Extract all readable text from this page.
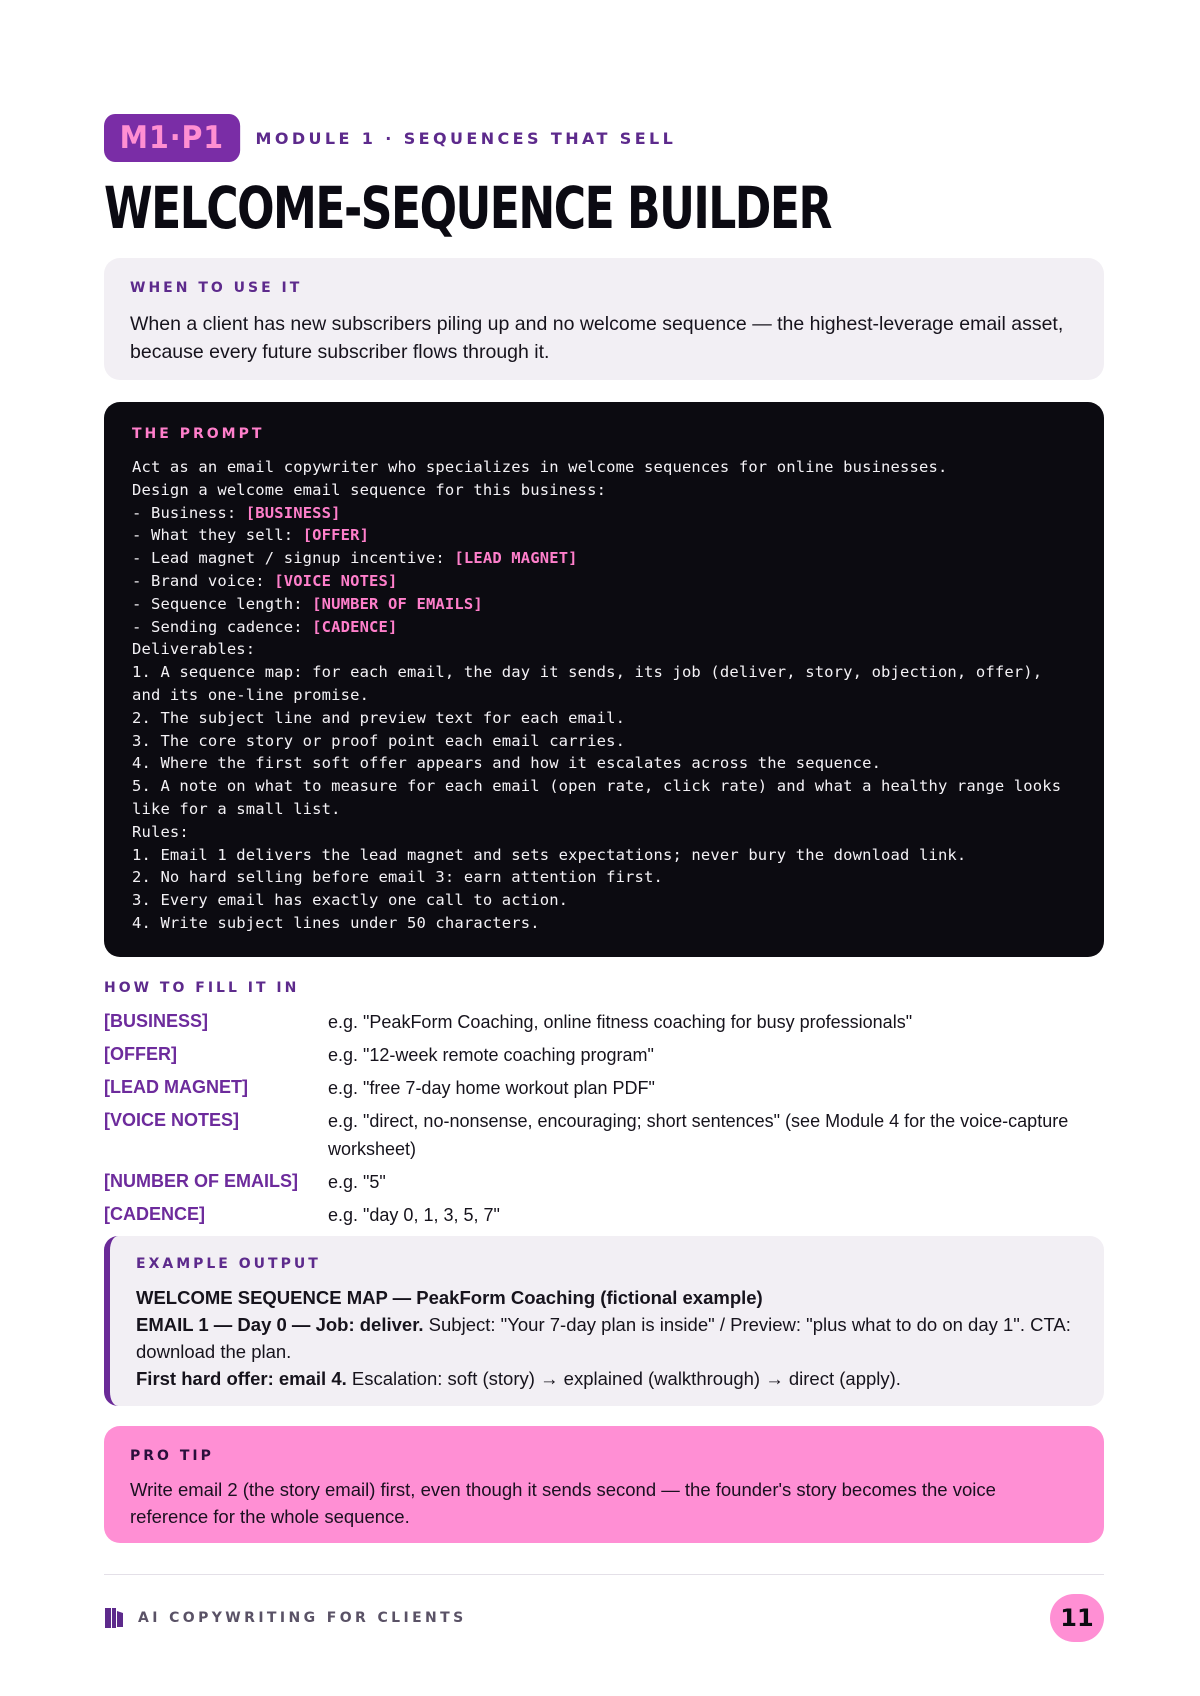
M1·P1	MODULE 1 · SEQUENCES THAT SELL
WELCOME-SEQUENCE BUILDER
WHEN TO USE IT

When a client has new subscribers piling up and no welcome sequence — the highest-leverage email asset, because every future subscriber flows through it.

THE PROMPT
Act as an email copywriter who specializes in welcome sequences for online businesses.
Design a welcome email sequence for this business:
- Business: [BUSINESS]
- What they sell: [OFFER]
- Lead magnet / signup incentive: [LEAD MAGNET]
- Brand voice: [VOICE NOTES]
- Sequence length: [NUMBER OF EMAILS]
- Sending cadence: [CADENCE]
Deliverables:
1. A sequence map: for each email, the day it sends, its job (deliver, story, objection, offer),
and its one-line promise.
2. The subject line and preview text for each email.
3. The core story or proof point each email carries.
4. Where the first soft offer appears and how it escalates across the sequence.
5. A note on what to measure for each email (open rate, click rate) and what a healthy range looks
like for a small list.
Rules:
1. Email 1 delivers the lead magnet and sets expectations; never bury the download link.
2. No hard selling before email 3: earn attention first.
3. Every email has exactly one call to action.
4. Write subject lines under 50 characters.
HOW TO FILL IT IN
[BUSINESS]	e.g. "PeakForm Coaching, online fitness coaching for busy professionals"
[OFFER]	e.g. "12-week remote coaching program"
[LEAD MAGNET]	e.g. "free 7-day home workout plan PDF"
[VOICE NOTES]	e.g. "direct, no-nonsense, encouraging; short sentences" (see Module 4 for the voice-capture worksheet)
[NUMBER OF EMAILS]	e.g. "5"
[CADENCE]	e.g. "day 0, 1, 3, 5, 7"
EXAMPLE OUTPUT
WELCOME SEQUENCE MAP — PeakForm Coaching (fictional example)
EMAIL 1 — Day 0 — Job: deliver. Subject: "Your 7-day plan is inside" / Preview: "plus what to do on day 1". CTA: download the plan.
First hard offer: email 4. Escalation: soft (story) → explained (walkthrough) → direct (apply).
PRO TIP

Write email 2 (the story email) first, even though it sends second — the founder's story becomes the voice reference for the whole sequence.

AI COPYWRITING FOR CLIENTS	11
